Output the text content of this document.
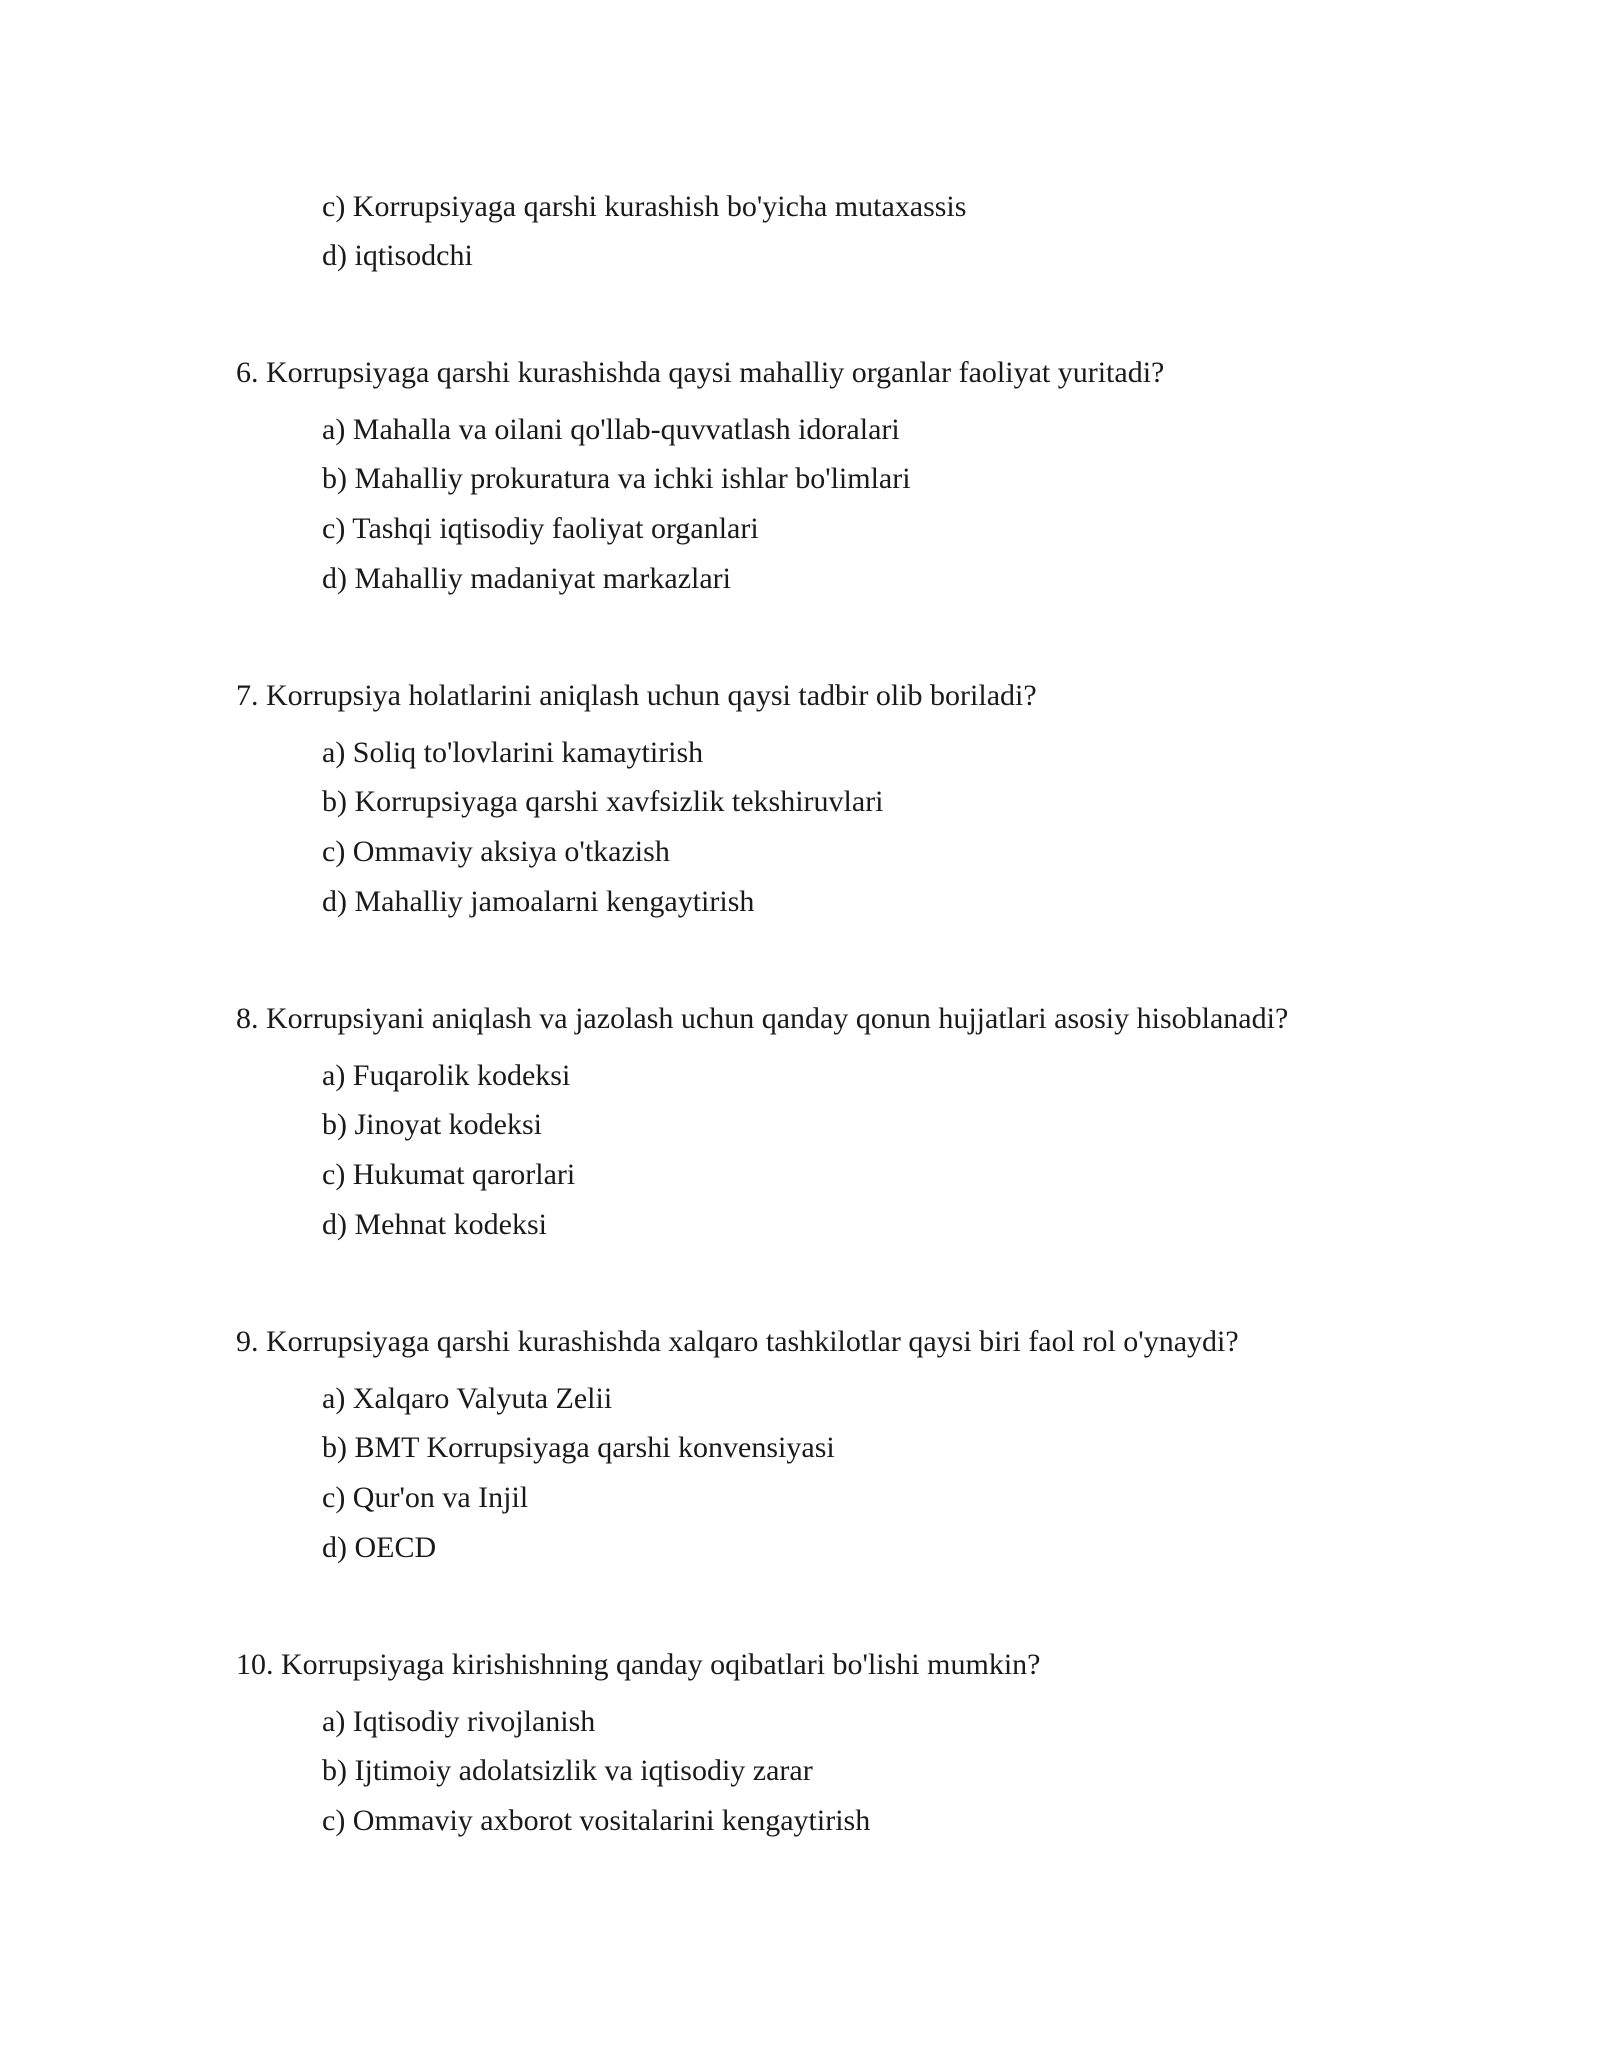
c) Korrupsiyaga qarshi kurashish bo'yicha mutaxassis
d) iqtisodchi
6. Korrupsiyaga qarshi kurashishda qaysi mahalliy organlar faoliyat yuritadi?
a) Mahalla va oilani qo'llab-quvvatlash idoralari
b) Mahalliy prokuratura va ichki ishlar bo'limlari
c) Tashqi iqtisodiy faoliyat organlari
d) Mahalliy madaniyat markazlari
7. Korrupsiya holatlarini aniqlash uchun qaysi tadbir olib boriladi?
a) Soliq to'lovlarini kamaytirish
b) Korrupsiyaga qarshi xavfsizlik tekshiruvlari
c) Ommaviy aksiya o'tkazish
d) Mahalliy jamoalarni kengaytirish
8. Korrupsiyani aniqlash va jazolash uchun qanday qonun hujjatlari asosiy hisoblanadi?
a) Fuqarolik kodeksi
b) Jinoyat kodeksi
c) Hukumat qarorlari
d) Mehnat kodeksi
9. Korrupsiyaga qarshi kurashishda xalqaro tashkilotlar qaysi biri faol rol o'ynaydi?
a) Xalqaro Valyuta Zelii
b) BMT Korrupsiyaga qarshi konvensiyasi
c) Qur'on va Injil
d) OECD
10. Korrupsiyaga kirishishning qanday oqibatlari bo'lishi mumkin?
a) Iqtisodiy rivojlanish
b) Ijtimoiy adolatsizlik va iqtisodiy zarar
c) Ommaviy axborot vositalarini kengaytirish
